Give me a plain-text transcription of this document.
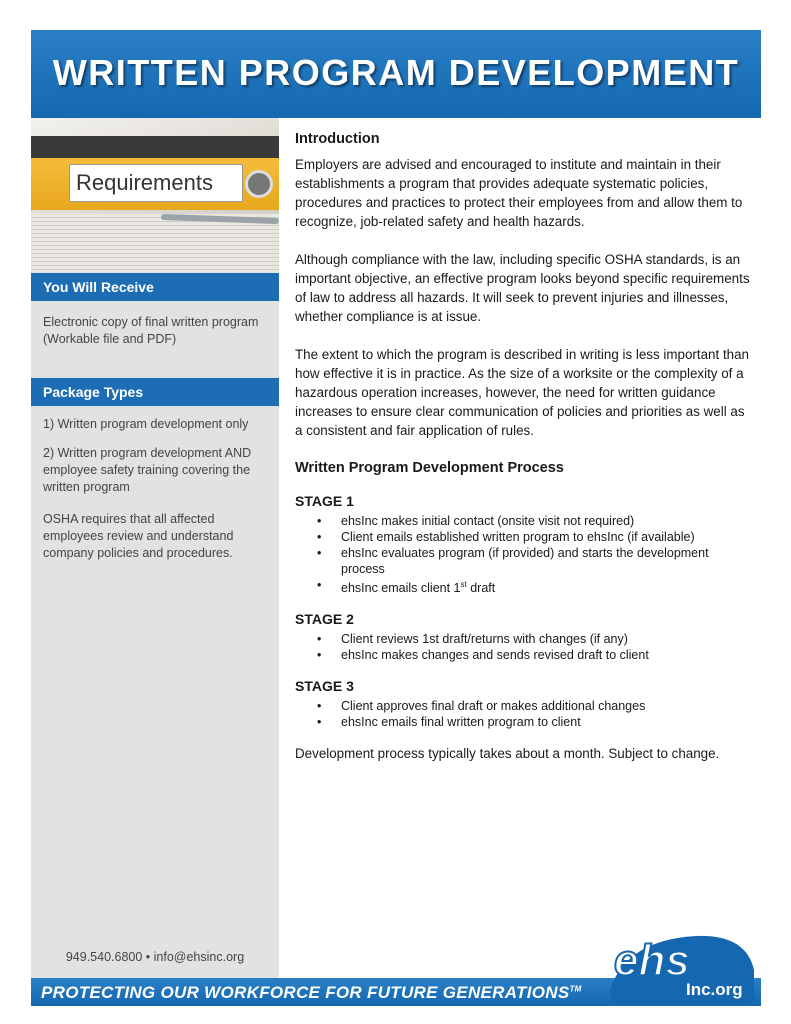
WRITTEN PROGRAM DEVELOPMENT
Requirements
You Will Receive
Electronic copy of final written program (Workable file and PDF)
Package Types
1) Written program development only
2) Written program development AND employee safety training covering the written program
OSHA requires that all affected employees review and understand company policies and procedures.
949.540.6800 • info@ehsinc.org
Introduction

Employers are advised and encouraged to institute and maintain in their establishments a program that provides adequate systematic policies, procedures and practices to protect their employees from and allow them to recognize, job-related safety and health hazards.

Although compliance with the law, including specific OSHA standards, is an important objective, an effective program looks beyond specific requirements of law to address all hazards. It will seek to prevent injuries and illnesses, whether compliance is at issue.

The extent to which the program is described in writing is less important than how effective it is in practice. As the size of a worksite or the complexity of a hazardous operation increases, however, the need for written guidance increases to ensure clear communication of policies and priorities as well as a consistent and fair application of rules.

Written Program Development Process
STAGE 1
• ehsInc makes initial contact (onsite visit not required)
• Client emails established written program to ehsInc (if available)
• ehsInc evaluates program (if provided) and starts the development process
• ehsInc emails client 1st draft
STAGE 2
• Client reviews 1st draft/returns with changes (if any)
• ehsInc makes changes and sends revised draft to client
STAGE 3
• Client approves final draft or makes additional changes
• ehsInc emails final written program to client
Development process typically takes about a month. Subject to change.
PROTECTING OUR WORKFORCE FOR FUTURE GENERATIONS™
ehs
Inc.org
